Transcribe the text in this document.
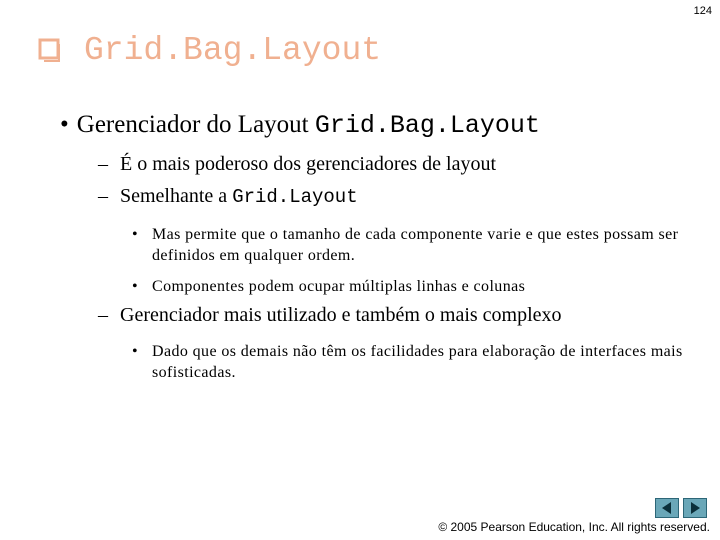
124
Grid.Bag.Layout
• Gerenciador do Layout Grid.Bag.Layout
– É o mais poderoso dos gerenciadores de layout
– Semelhante a Grid.Layout
• Mas permite que o tamanho de cada componente varie e que estes possam ser definidos em qualquer ordem.
• Componentes podem ocupar múltiplas linhas e colunas
– Gerenciador mais utilizado e também o mais complexo
• Dado que os demais não têm os facilidades para elaboração de interfaces mais sofisticadas.
© 2005 Pearson Education, Inc. All rights reserved.
